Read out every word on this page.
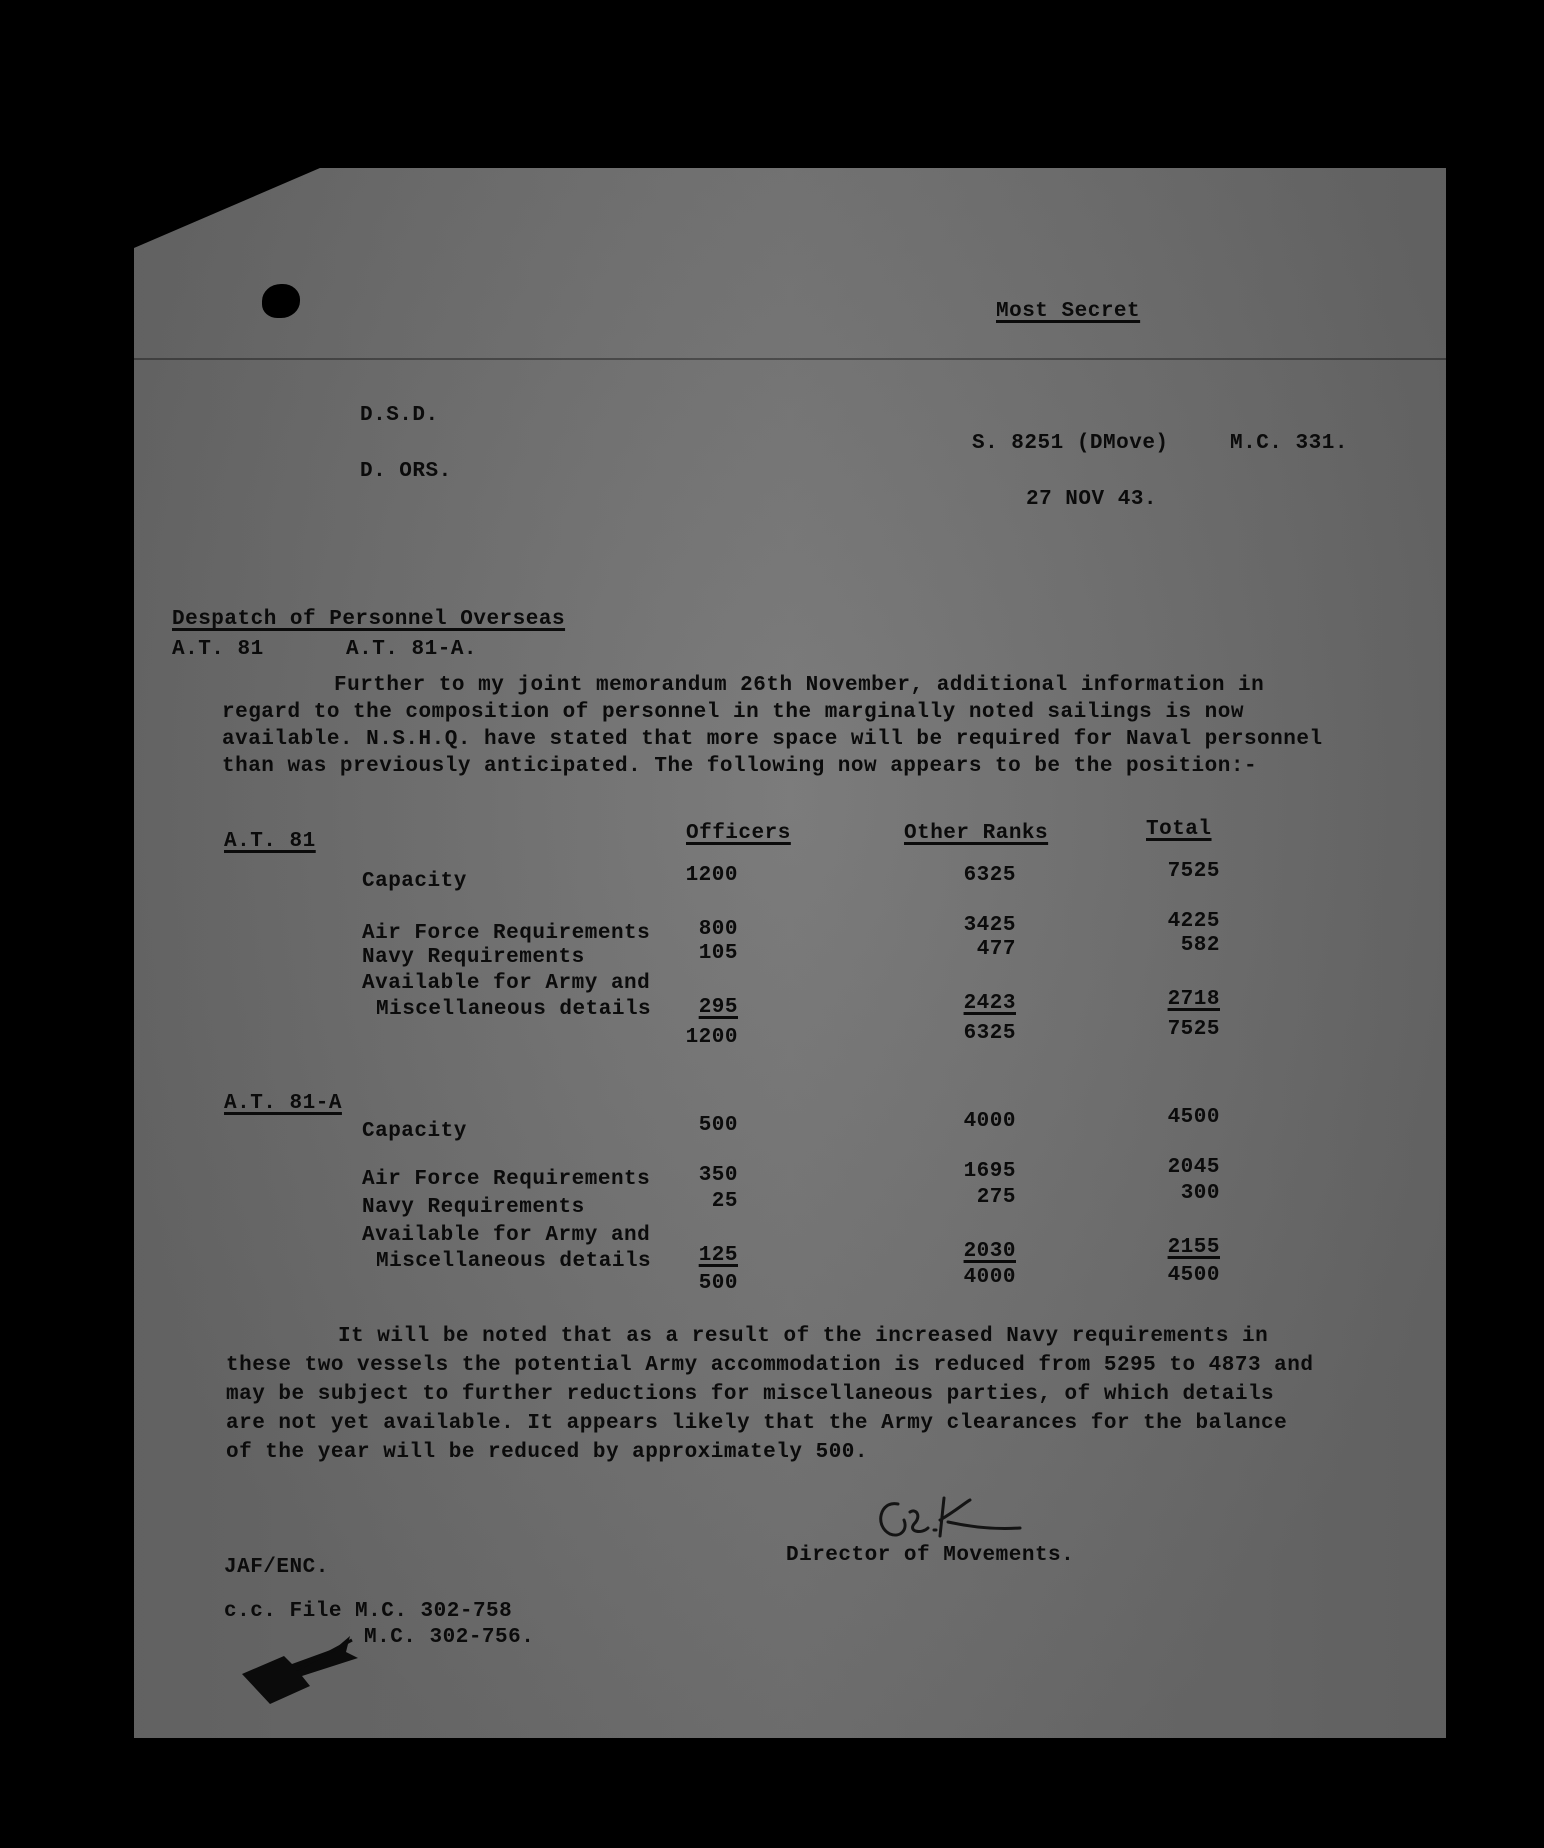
Most Secret
D.S.D.
D. ORS.
S. 8251 (DMove)	M.C. 331.
27 NOV 43.
Despatch of Personnel Overseas
A.T. 81	A.T. 81-A.
Further to my joint memorandum 26th November, additional information in regard to the composition of personnel in the marginally noted sailings is now available. N.S.H.Q. have stated that more space will be required for Naval personnel than was previously anticipated. The following now appears to be the position:-
Officers	Other Ranks	Total
A.T. 81
Capacity	1200	6325	7525
Air Force Requirements	800	3425	4225
Navy Requirements	105	477	582
Available for Army and
Miscellaneous details	295	2423	2718
1200	6325	7525
A.T. 81-A
Capacity	500	4000	4500
Air Force Requirements	350	1695	2045
Navy Requirements	25	275	300
Available for Army and
Miscellaneous details	125	2030	2155
500	4000	4500
It will be noted that as a result of the increased Navy requirements in these two vessels the potential Army accommodation is reduced from 5295 to 4873 and may be subject to further reductions for miscellaneous parties, of which details are not yet available. It appears likely that the Army clearances for the balance of the year will be reduced by approximately 500.
Director of Movements.
JAF/ENC.
c.c. File M.C. 302-758
M.C. 302-756.
